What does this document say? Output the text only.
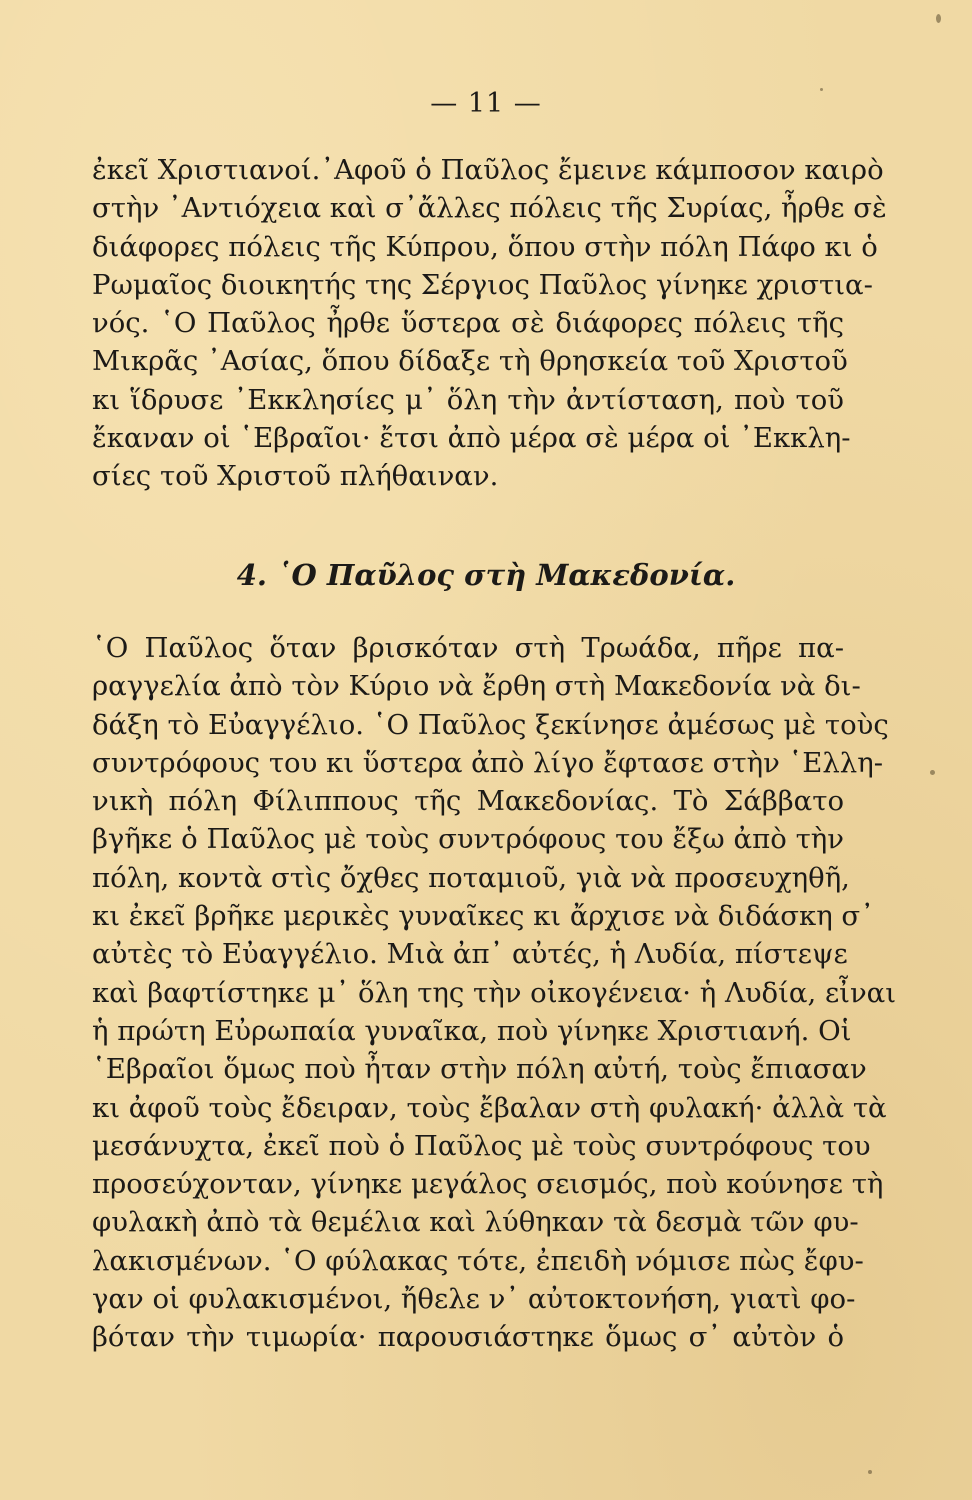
— 11 —
ἐκεῖ Χριστιανοί.᾿Αφοῦ ὁ Παῦλος ἔμεινε κάμποσον καιρὸ
στὴν ᾿Αντιόχεια καὶ σ᾿ἄλλες πόλεις τῆς Συρίας, ἦρθε σὲ
διάφορες πόλεις τῆς Κύπρου, ὅπου στὴν πόλη Πάφο κι ὁ
Ρωμαῖος διοικητής της Σέργιος Παῦλος γίνηκε χριστια-
νός. ῾Ο Παῦλος ἦρθε ὕστερα σὲ διάφορες πόλεις τῆς
Μικρᾶς ᾿Ασίας, ὅπου δίδαξε τὴ θρησκεία τοῦ Χριστοῦ
κι ἵδρυσε ᾿Εκκλησίες μ᾿ ὅλη τὴν ἀντίσταση, ποὺ τοῦ
ἔκαναν οἱ ῾Εβραῖοι· ἔτσι ἀπὸ μέρα σὲ μέρα οἱ ᾿Εκκλη-
σίες τοῦ Χριστοῦ πλήθαιναν.
4. ῾Ο Παῦλος στὴ Μακεδονία.
῾Ο Παῦλος ὅταν βρισκόταν στὴ Τρωάδα, πῆρε πα-
ραγγελία ἀπὸ τὸν Κύριο νὰ ἔρθη στὴ Μακεδονία νὰ δι-
δάξη τὸ Εὐαγγέλιο. ῾Ο Παῦλος ξεκίνησε ἀμέσως μὲ τοὺς
συντρόφους του κι ὕστερα ἀπὸ λίγο ἔφτασε στὴν ῾Ελλη-
νικὴ πόλη Φίλιππους τῆς Μακεδονίας. Τὸ Σάββατο
βγῆκε ὁ Παῦλος μὲ τοὺς συντρόφους του ἔξω ἀπὸ τὴν
πόλη, κοντὰ στὶς ὄχθες ποταμιοῦ, γιὰ νὰ προσευχηθῆ,
κι ἐκεῖ βρῆκε μερικὲς γυναῖκες κι ἄρχισε νὰ διδάσκη σ᾿
αὐτὲς τὸ Εὐαγγέλιο. Μιὰ ἀπ᾿ αὐτές, ἡ Λυδία, πίστεψε
καὶ βαφτίστηκε μ᾿ ὅλη της τὴν οἰκογένεια· ἡ Λυδία, εἶναι
ἡ πρώτη Εὐρωπαία γυναῖκα, ποὺ γίνηκε Χριστιανή. Οἱ
῾Εβραῖοι ὅμως ποὺ ἦταν στὴν πόλη αὐτή, τοὺς ἔπιασαν
κι ἀφοῦ τοὺς ἔδειραν, τοὺς ἔβαλαν στὴ φυλακή· ἀλλὰ τὰ
μεσάνυχτα, ἐκεῖ ποὺ ὁ Παῦλος μὲ τοὺς συντρόφους του
προσεύχονταν, γίνηκε μεγάλος σεισμός, ποὺ κούνησε τὴ
φυλακὴ ἀπὸ τὰ θεμέλια καὶ λύθηκαν τὰ δεσμὰ τῶν φυ-
λακισμένων. ῾Ο φύλακας τότε, ἐπειδὴ νόμισε πὼς ἔφυ-
γαν οἱ φυλακισμένοι, ἤθελε ν᾿ αὐτοκτονήση, γιατὶ φο-
βόταν τὴν τιμωρία· παρουσιάστηκε ὅμως σ᾿ αὐτὸν ὁ
